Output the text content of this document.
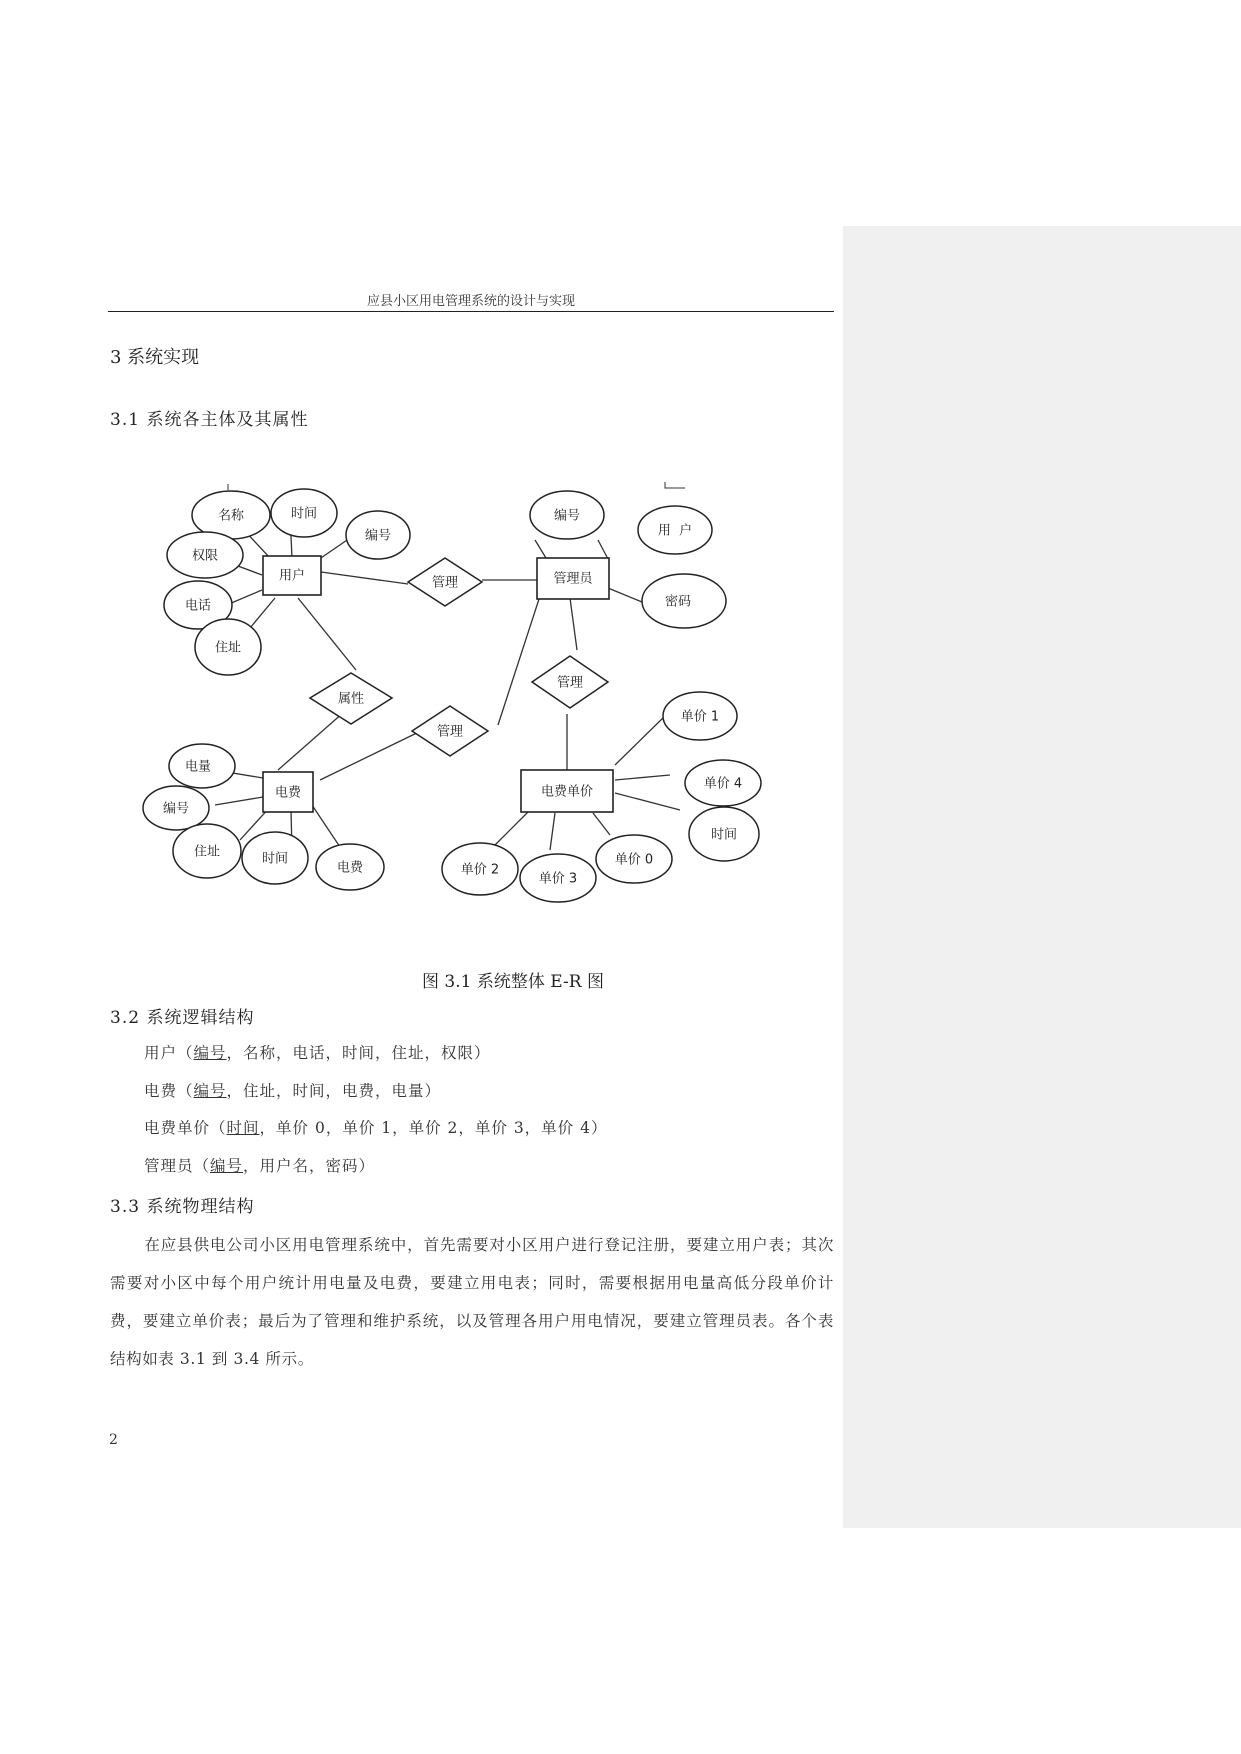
应县小区用电管理系统的设计与实现
3 系统实现
3.1 系统各主体及其属性
用户	管理员
电费	电费单价
管理
属性
管理
管理
名称	时间
编号
权限
电话
住址
编号
用  户
密码
电量
编号
住址	时间
电费
单价 1
单价 4
时间
单价 0
单价 3
单价 2
图 3.1 系统整体 E-R 图
3.2 系统逻辑结构
用户（编号，名称，电话，时间，住址，权限）
电费（编号，住址，时间，电费，电量）
电费单价（时间，单价 0，单价 1，单价 2，单价 3，单价 4）
管理员（编号，用户名，密码）
3.3 系统物理结构
在应县供电公司小区用电管理系统中，首先需要对小区用户进行登记注册，要建立用户表；其次需要对小区中每个用户统计用电量及电费，要建立用电表；同时，需要根据用电量高低分段单价计费，要建立单价表；最后为了管理和维护系统，以及管理各用户用电情况，要建立管理员表。各个表结构如表 3.1 到 3.4 所示。
2
